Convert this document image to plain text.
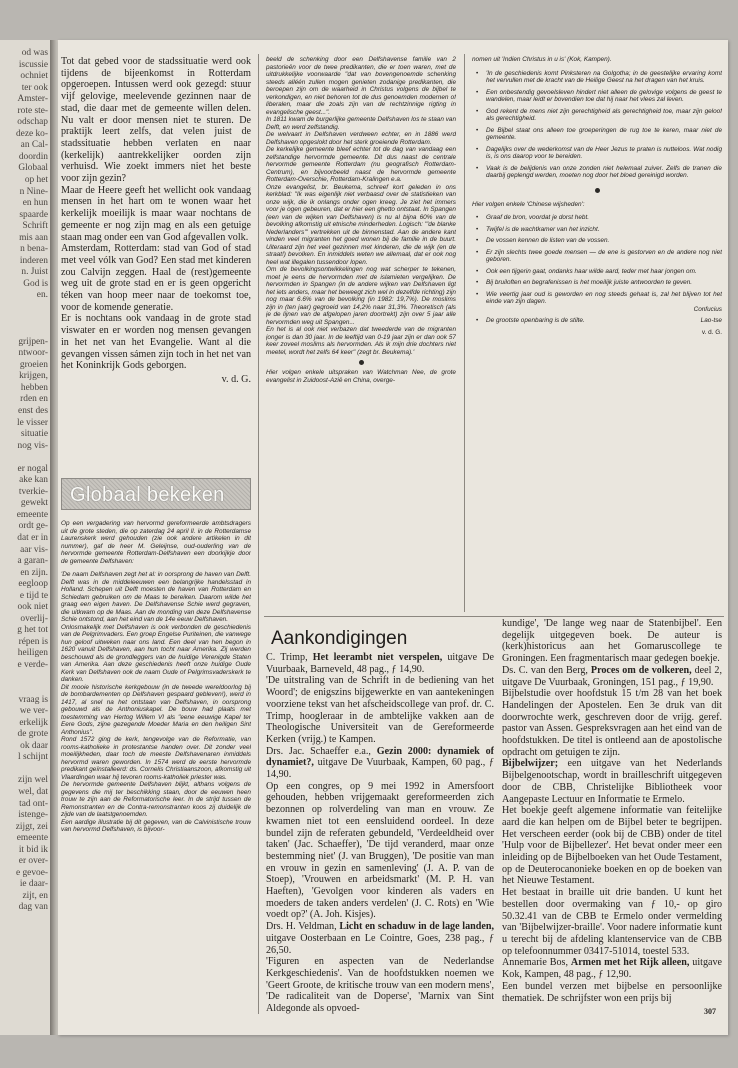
od was
iscussie
ochniet
ter ook
Amster-
rote ste-
odschap
deze ko-
an Cal-
doordin
Globaal
op het
n Nine-
en hun
spaarde
Schrift
mis aan
n bena-
inderen
n. Juist
God is
en.

grijpen-
ntwoor-
groeien
krijgen,
hebben
rden en
enst des
le visser
situatie
nog vis-

er nogal
ake kan
tverkie-
gewekt
emeente
ordt ge-
dat er in
aar vis-
a garan-
en zijn.
eegloop
e tijd te
ook niet
overlij-
g het tot
répen is
heiligen
e verde-

vraag is
we ver-
erkelijk
de grote
ok daar
l schijnt

zijn wel
wel, dat
tad ont-
istenge-
zijgt, zei
emeente
it bid ik
er over-
e gevoe-
ie daar-
zijt, en
dag van

Tot dat gebed voor de stadssituatie werd ook tijdens de bijeenkomst in Rotterdam opgeroepen. Intussen werd ook gezegd: stuur vijf gelovige, meelevende gezinnen naar de stad, die daar met de gemeente willen delen. Nu valt er door mensen niet te sturen. De praktijk leert zelfs, dat velen juist de stadssituatie hebben verlaten en naar (kerkelijk) aantrekkelijker oorden zijn verhuisd. Wie zoekt immers niet het beste voor zijn gezin?

Maar de Heere geeft het wellicht ook vandaag mensen in het hart om te wonen waar het kerkelijk moeilijk is maar waar nochtans de gemeente er nog zijn mag en als een getuige staan mag onder een van God afgevallen volk.

Amsterdam, Rotterdam: stad van God of stad met veel vólk van God? Een stad met kinderen zou Calvijn zeggen. Haal de (rest)gemeente weg uit de grote stad en er is geen opgericht téken van hoop meer naar de toekomst toe, voor de komende generatie.

Er is nochtans ook vandaag in de grote stad viswater en er worden nog mensen gevangen in het net van het Evangelie. Want al die gevangen vissen sámen zijn toch in het net van het Koninkrijk Gods geborgen.

v. d. G.

Globaal bekeken

Op een vergadering van hervormd gereformeerde ambtsdragers uit de grote steden, die op zaterdag 24 april ll. in de Rotterdamse Laurenskerk werd gehouden (zie ook andere artikelen in dit nummer), gaf de heer M. Geleijnse, oud-ouderling van de hervormde gemeente Rotterdam-Delfshaven een doorkijkje door de gemeente Delfshaven:

'De naam Delfshaven zegt het al: in oorsprong de haven van Delft. Delft was in de middeleeuwen een belangrijke handelsstad in Holland. Schepen uit Delft moesten de haven van Rotterdam en Schiedam gebruiken om de Maas te bereiken. Daarom wilde het graag een eigen haven. De Delfshavense Schie werd gegraven, die uitkwam op de Maas. Aan de monding van deze Delfshavense Schie ontstond, aan het eind van de 14e eeuw Delfshaven.

Onlosmakelijk met Delfshaven is ook verbonden de geschiedenis van de Pelgrimvaders. Een groep Engelse Puriteinen, die vanwege hun geloof uitweken naar ons land. Een deel van hen begon in 1620 vanuit Delfshaven, aan hun tocht naar Amerika. Zij werden beschouwd als de grondleggers van de huidige Verenigde Staten van Amerika. Aan deze geschiedenis heeft onze huidige Oude Kerk van Delfshaven ook de naam Oude of Pelgrimsvaderskerk te danken.

Dit mooie historische kerkgebouw (in de tweede wereldoorlog bij de bombardementen op Delfshaven gespaard gebleven!), werd in 1417, al snel na het ontstaan van Delfshaven, in oorsprong gebouwd als de Anthoniuskapel. De bouw had plaats met toestemming van Hertog Willem VI als "eene eeuwige Kapel ter Eere Gods, zijne gezegende Moeder Maria en den heiligen Sint Anthonius".

Rond 1572 ging de kerk, tengevolge van de Reformatie, van rooms-katholieke in protestantse handen over. Dit zonder veel moeilijkheden, daar toch de meeste Delfshavenaren inmiddels hervormd waren geworden. In 1574 werd de eerste hervormde predikant geïnstalleerd: ds. Cornelis Christiaanszoon, afkomstig uit Vlaardingen waar hij tevoren rooms-katholiek priester was.

De hervormde gemeente Delfshaven blijkt, althans volgens de gegevens die mij ter beschikking staan, door de eeuwen heen trouw te zijn aan de Reformatorische leer. In de strijd tussen de Remonstranten en de Contra-remonstranten koos zij duidelijk de zijde van de laatstgenoemden.

Een aardige illustratie bij dit gegeven, van de Calvinistische trouw van hervormd Delfshaven, is bijvoor-

beeld de schenking door een Delfshavense familie van 2 pastorieën voor de twee predikanten, die er toen waren, met de uitdrukkelijke voorwaarde "dat van bovengenoemde schenking steeds alléén zullen mogen genieten zodanige predikanten, die beroepen zijn om de waarheid in Christus volgens de bijbel te verkondigen, en niet behoren tot de dus genoemden modernen of liberalen, maar die zoals zijn van de rechtzinnige rigting in evangelische geest...".

In 1811 kwam de burgerlijke gemeente Delfshaven los te staan van Delft, en werd zelfstandig.

De welvaart in Delfshaven verdween echter, en in 1886 werd Delfshaven opgeslokt door het sterk groeiende Rotterdam.

De kerkelijke gemeente bleef echter tot de dag van vandaag een zelfstandige hervormde gemeente. Dit dus naast de centrale hervormde gemeente Rotterdam (nu geografisch Rotterdam-Centrum), en bijvoorbeeld naast de hervormde gemeente Rotterdam-Overschie, Rotterdam-Kralingen e.a.

Onze evangelist, br. Beukema, schreef kort geleden in ons kerkblad: "Ik was eigenlijk niet verbaasd over de statistieken van onze wijk, die ik onlangs onder ogen kreeg. Je ziet het immers voor je ogen gebeuren, dat er hier een ghetto ontstaat. In Spangen (een van de wijken van Delfshaven) is nu al bijna 60% van de bevolking afkomstig uit etnische minderheden. Logisch: '"de blanke Nederlanders"' vertrekken uit de binnenstad. Aan de andere kant vinden veel migranten het goed wonen bij de familie in de buurt. Uiteraard zijn het veel gezinnen met kinderen, die de wijk (en de straat!) bevolken. En inmiddels weten we allemaal, dat er ook nog heel wat illegalen tussendoor lopen.

Om de bevolkingsontwikkelingen nog wat scherper te tekenen, moet je eens de hervormden met de islamieten vergelijken. De hervormden in Spangen (in de andere wijken van Delfshaven ligt het iets anders, maar het beweegt zich wel in dezelfde richting) zijn nog maar 6.6% van de bevolking (in 1982: 19,7%). De moslims zijn in (ten jaar) gegroeid van 14,2% naar 31,3%. Theoretisch (als je de lijnen van de afgelopen jaren doortrekt) zijn over 5 jaar alle hervormden weg uit Spangen...

En het is al ook niet verbazen dat tweederde van de migranten jonger is dan 30 jaar. In de leeftijd van 0-19 jaar zijn er dan ook 57 keer zoveel moslims als hervormden. Als ik mijn drie dochters niet meetel, wordt het zelfs 64 keer" (zegt br. Beukema).'

Hier volgen enkele uitspraken van Watchman Nee, de grote evangelist in Zuidoost-Azië en China, overge-

nomen uit 'Indien Christus in u is' (Kok, Kampen).

• 'In de geschiedenis komt Pinksteren na Golgotha; in de geestelijke ervaring komt het vervullen met de kracht van de Heilige Geest na het dragen van het kruis.
• Een onbestendig gevoelsleven hindert niet alleen de gelovige volgens de geest te wandelen, maar leidt er bovendien toe dat hij naar het vlees zal leven.
• God rekent de mens niet zijn gerechtigheid als gerechtigheid toe, maar zijn geloof als gerechtigheid.
• De Bijbel staat ons alleen toe groeperingen de rug toe te keren, maar niet de gemeente.
• Dagelijks over de wederkomst van de Heer Jezus te praten is nutteloos. Wat nodig is, is ons daarop voor te bereiden.
• Vaak is de belijdenis van onze zonden niet helemaal zuiver. Zelfs de tranen die daarbij geplengd werden, moeten nog door het bloed gereinigd worden.

Hier volgen enkele 'Chinese wijsheden':

• Graaf de bron, voordat je dorst hebt.
• Twijfel is de wachtkamer van het inzicht.
• De vossen kennen de listen van de vossen.
• Er zijn slechts twee goede mensen — de ene is gestorven en de andere nog niet geboren.
• Ook een tijgerin gaat, ondanks haar wilde aard, teder met haar jongen om.
• Bij bruiloften en begrafenissen is het moeilijk juiste antwoorden te geven.
• Wie veertig jaar oud is geworden en nog steeds gehaat is, zal het blijven tot het einde van zijn dagen.
Confucius
• De grootste openbaring is de stilte.	Lao-tse

v. d. G.

Aankondigingen

C. Trimp, Het leerambt niet verspelen, uitgave De Vuurbaak, Barneveld, 48 pag., ƒ 14,90.

'De uitstraling van de Schrift in de bediening van het Woord'; de enigszins bijgewerkte en van aantekeningen voorziene tekst van het afscheidscollege van prof. dr. C. Trimp, hoogleraar in de ambtelijke vakken aan de Theologische Universiteit van de Gereformeerde Kerken (vrijg.) te Kampen.

Drs. Jac. Schaeffer e.a., Gezin 2000: dynamiek of dynamiet?, uitgave De Vuurbaak, Kampen, 60 pag., ƒ 14,90.

Op een congres, op 9 mei 1992 in Amersfoort gehouden, hebben vrijgemaakt gereformeerden zich bezonnen op rolverdeling van man en vrouw. Ze kwamen niet tot een eensluidend oordeel. In deze bundel zijn de referaten gebundeld, 'Verdeeldheid over taken' (Jac. Schaeffer), 'De tijd veranderd, maar onze bestemming niet' (J. van Bruggen), 'De positie van man en vrouw in gezin en samenleving' (J. A. P. van de Stoep), 'Vrouwen en arbeidsmarkt' (M. P. H. van Haeften), 'Gevolgen voor kinderen als vaders en moeders de taken anders verdelen' (J. C. Rots) en 'Wie voedt op?' (A. Joh. Kisjes).

Drs. H. Veldman, Licht en schaduw in de lage landen, uitgave Oosterbaan en Le Cointre, Goes, 238 pag., ƒ 26,50.

'Figuren en aspecten van de Nederlandse Kerkgeschiedenis'. Van de hoofdstukken noemen we 'Geert Groote, de kritische trouw van een modern mens', 'De radicaliteit van de Doperse', 'Marnix van Sint Aldegonde als opvoed-

kundige', 'De lange weg naar de Statenbijbel'. Een degelijk uitgegeven boek. De auteur is (kerk)historicus aan het Gomaruscollege te Groningen. Een fragmentarisch maar gedegen boekje.

Ds. C. van den Berg, Proces om de volkeren, deel 2, uitgave De Vuurbaak, Groningen, 151 pag., ƒ 19,90.

Bijbelstudie over hoofdstuk 15 t/m 28 van het boek Handelingen der Apostelen. Een 3e druk van dit doorwrochte werk, geschreven door de vrijg. geref. pastor van Assen. Gespreksvragen aan het eind van de hoofdstukken. De titel is ontleend aan de apostolische opdracht om getuigen te zijn.

Bijbelwijzer; een uitgave van het Nederlands Bijbelgenootschap, wordt in brailleschrift uitgegeven door de CBB, Christelijke Bibliotheek voor Aangepaste Lectuur en Informatie te Ermelo.

Het boekje geeft algemene informatie van feitelijke aard die kan helpen om de Bijbel beter te begrijpen. Het verscheen eerder (ook bij de CBB) onder de titel 'Hulp voor de Bijbellezer'. Het bevat onder meer een inleiding op de Bijbelboeken van het Oude Testament, op de Deuterocanonieke boeken en op de boeken van het Nieuwe Testament.

Het bestaat in braille uit drie banden. U kunt het bestellen door overmaking van ƒ 10,- op giro 50.32.41 van de CBB te Ermelo onder vermelding van 'Bijbelwijzer-braille'. Voor nadere informatie kunt u terecht bij de afdeling klantenservice van de CBB op telefoonnummer 03417-51014, toestel 533.

Annemarie Bos, Armen met het Rijk alleen, uitgave Kok, Kampen, 48 pag., ƒ 12,90.

Een bundel verzen met bijbelse en persoonlijke thematiek. De schrijfster won een prijs bij

307
